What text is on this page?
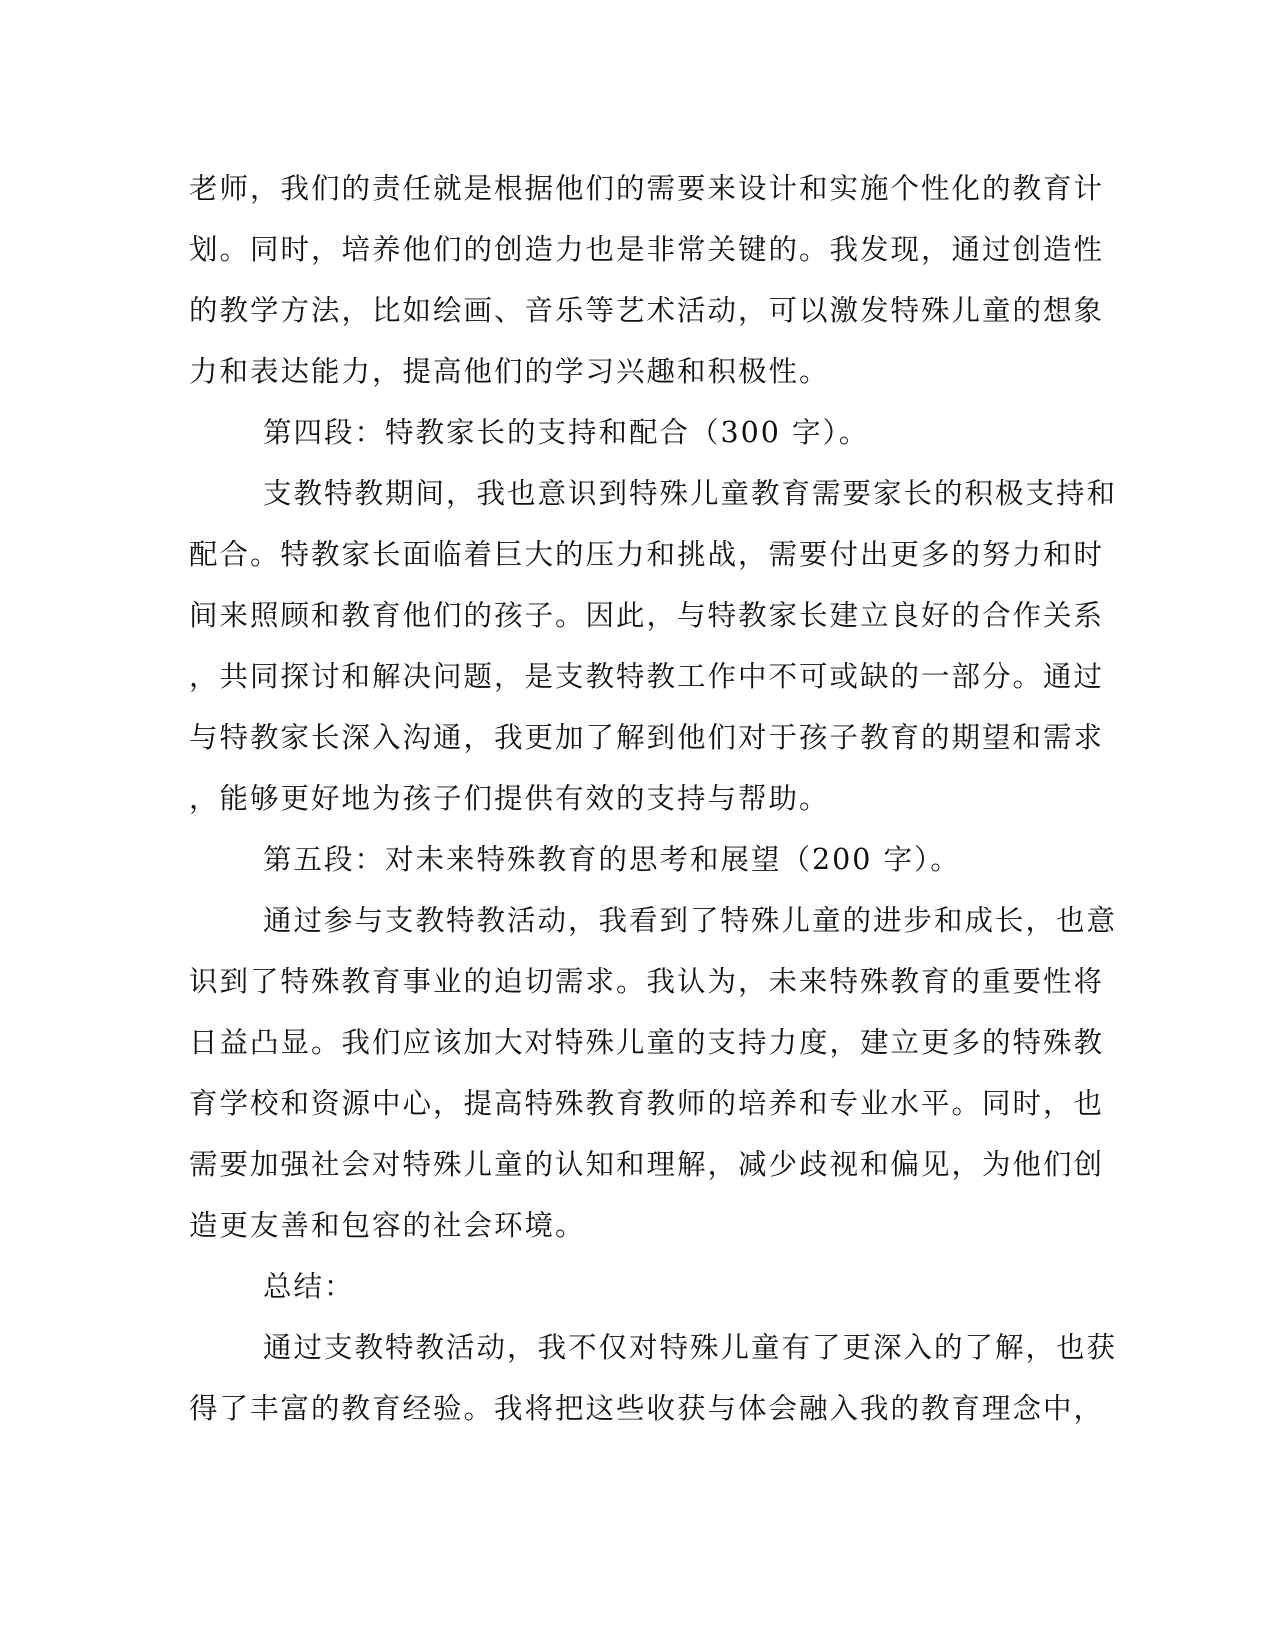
老师，我们的责任就是根据他们的需要来设计和实施个性化的教育计
划。同时，培养他们的创造力也是非常关键的。我发现，通过创造性
的教学方法，比如绘画、音乐等艺术活动，可以激发特殊儿童的想象
力和表达能力，提高他们的学习兴趣和积极性。
第四段：特教家长的支持和配合（300 字）。
支教特教期间，我也意识到特殊儿童教育需要家长的积极支持和
配合。特教家长面临着巨大的压力和挑战，需要付出更多的努力和时
间来照顾和教育他们的孩子。因此，与特教家长建立良好的合作关系
，共同探讨和解决问题，是支教特教工作中不可或缺的一部分。通过
与特教家长深入沟通，我更加了解到他们对于孩子教育的期望和需求
，能够更好地为孩子们提供有效的支持与帮助。
第五段：对未来特殊教育的思考和展望（200 字）。
通过参与支教特教活动，我看到了特殊儿童的进步和成长，也意
识到了特殊教育事业的迫切需求。我认为，未来特殊教育的重要性将
日益凸显。我们应该加大对特殊儿童的支持力度，建立更多的特殊教
育学校和资源中心，提高特殊教育教师的培养和专业水平。同时，也
需要加强社会对特殊儿童的认知和理解，减少歧视和偏见，为他们创
造更友善和包容的社会环境。
总结：
通过支教特教活动，我不仅对特殊儿童有了更深入的了解，也获
得了丰富的教育经验。我将把这些收获与体会融入我的教育理念中，
